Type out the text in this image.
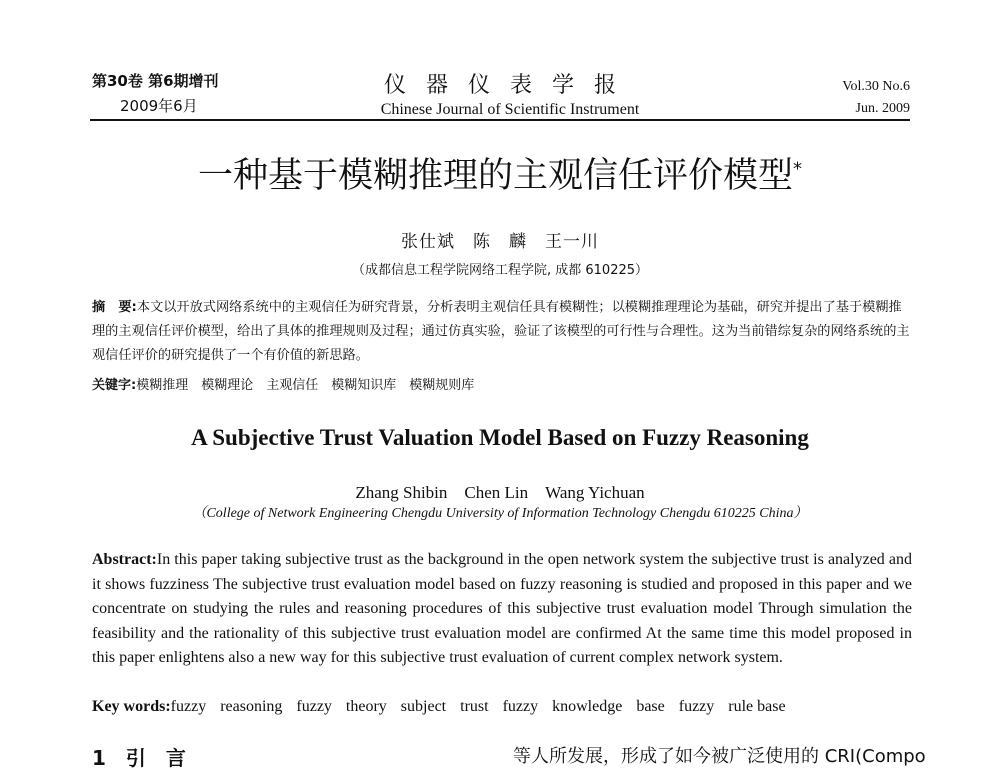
第30卷 第6期增刊
2009年6月
仪器仪表学报
Chinese Journal of Scientific Instrument
Vol.30 No.6
Jun. 2009
一种基于模糊推理的主观信任评价模型*
张仕斌　陈　麟　王一川
（成都信息工程学院网络工程学院, 成都 610225）
摘　要:本文以开放式网络系统中的主观信任为研究背景，分析表明主观信任具有模糊性；以模糊推理理论为基础，研究并提出了基于模糊推理的主观信任评价模型，给出了具体的推理规则及过程；通过仿真实验，验证了该模型的可行性与合理性。这为当前错综复杂的网络系统的主观信任评价的研究提供了一个有价值的新思路。
关键字:模糊推理　模糊理论　主观信任　模糊知识库　模糊规则库
A Subjective Trust Valuation Model Based on Fuzzy Reasoning
Zhang Shibin　Chen Lin　Wang Yichuan
（College of Network Engineering Chengdu University of Information Technology Chengdu 610225 China）
Abstract:In this paper taking subjective trust as the background in the open network system the subjective trust is analyzed and it shows fuzziness The subjective trust evaluation model based on fuzzy reasoning is studied and proposed in this paper and we concentrate on studying the rules and reasoning procedures of this subjective trust evaluation model Through simulation the feasibility and the rationality of this subjective trust evaluation model are confirmed At the same time this model proposed in this paper enlightens also a new way for this subjective trust evaluation of current complex network system.
Key words:fuzzy reasoning fuzzy theory subject trust fuzzy knowledge base fuzzy rule base
1　引　言	等人所发展，形成了如今被广泛使用的 CRI(Compo
